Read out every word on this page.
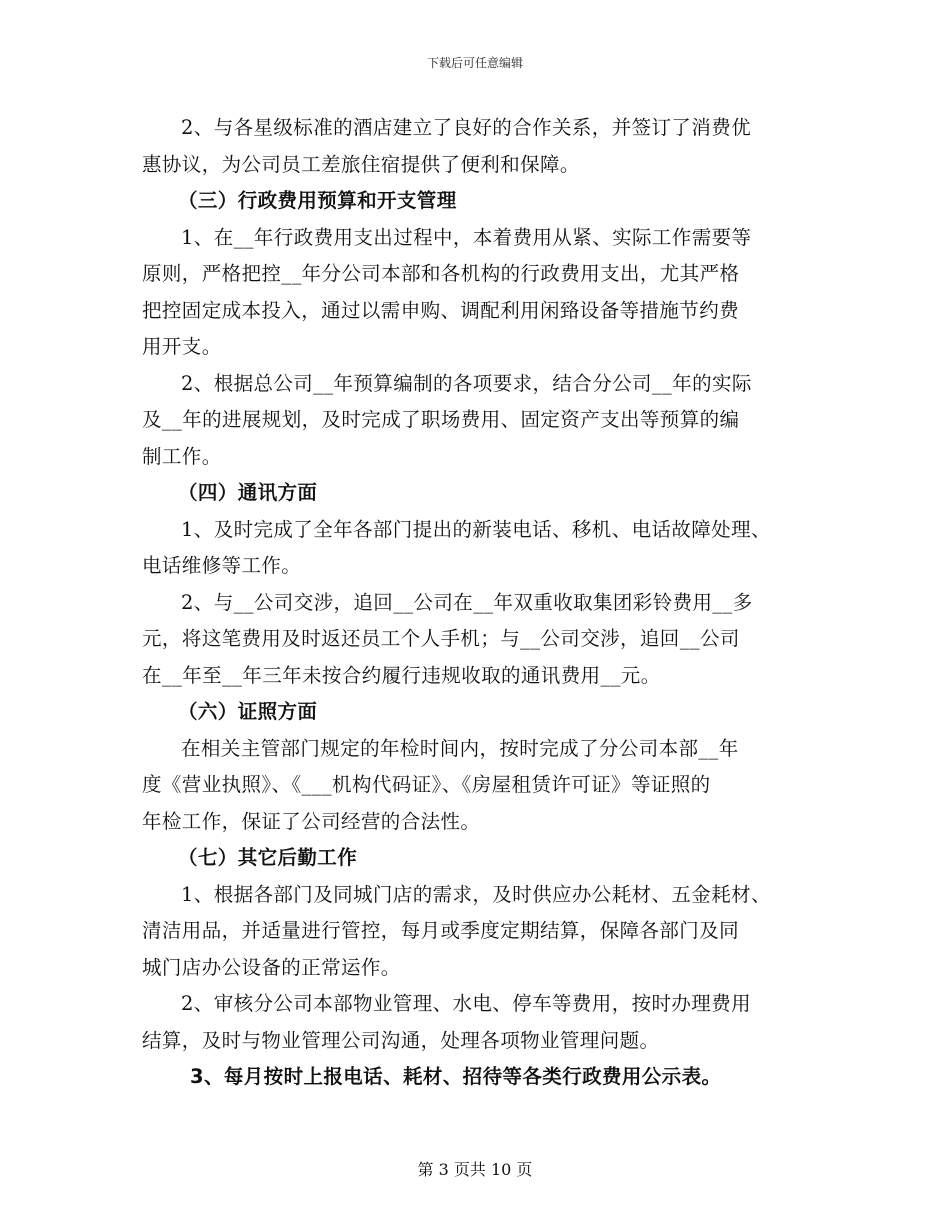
下载后可任意编辑

2、与各星级标准的酒店建立了良好的合作关系，并签订了消费优
惠协议，为公司员工差旅住宿提供了便利和保障。

（三）行政费用预算和开支管理

1、在__年行政费用支出过程中，本着费用从紧、实际工作需要等
原则，严格把控__年分公司本部和各机构的行政费用支出，尤其严格
把控固定成本投入，通过以需申购、调配利用闲臵设备等措施节约费
用开支。

2、根据总公司__年预算编制的各项要求，结合分公司__年的实际
及__年的进展规划，及时完成了职场费用、固定资产支出等预算的编
制工作。

（四）通讯方面

1、及时完成了全年各部门提出的新装电话、移机、电话故障处理、
电话维修等工作。

2、与__公司交涉，追回__公司在__年双重收取集团彩铃费用__多
元，将这笔费用及时返还员工个人手机；与__公司交涉，追回__公司
在__年至__年三年未按合约履行违规收取的通讯费用__元。

（六）证照方面

在相关主管部门规定的年检时间内，按时完成了分公司本部__年
度《营业执照》、《___机构代码证》、《房屋租赁许可证》等证照的
年检工作，保证了公司经营的合法性。

（七）其它后勤工作

1、根据各部门及同城门店的需求，及时供应办公耗材、五金耗材、
清洁用品，并适量进行管控，每月或季度定期结算，保障各部门及同
城门店办公设备的正常运作。

2、审核分公司本部物业管理、水电、停车等费用，按时办理费用
结算，及时与物业管理公司沟通，处理各项物业管理问题。

3、每月按时上报电话、耗材、招待等各类行政费用公示表。

第 3 页共 10 页
